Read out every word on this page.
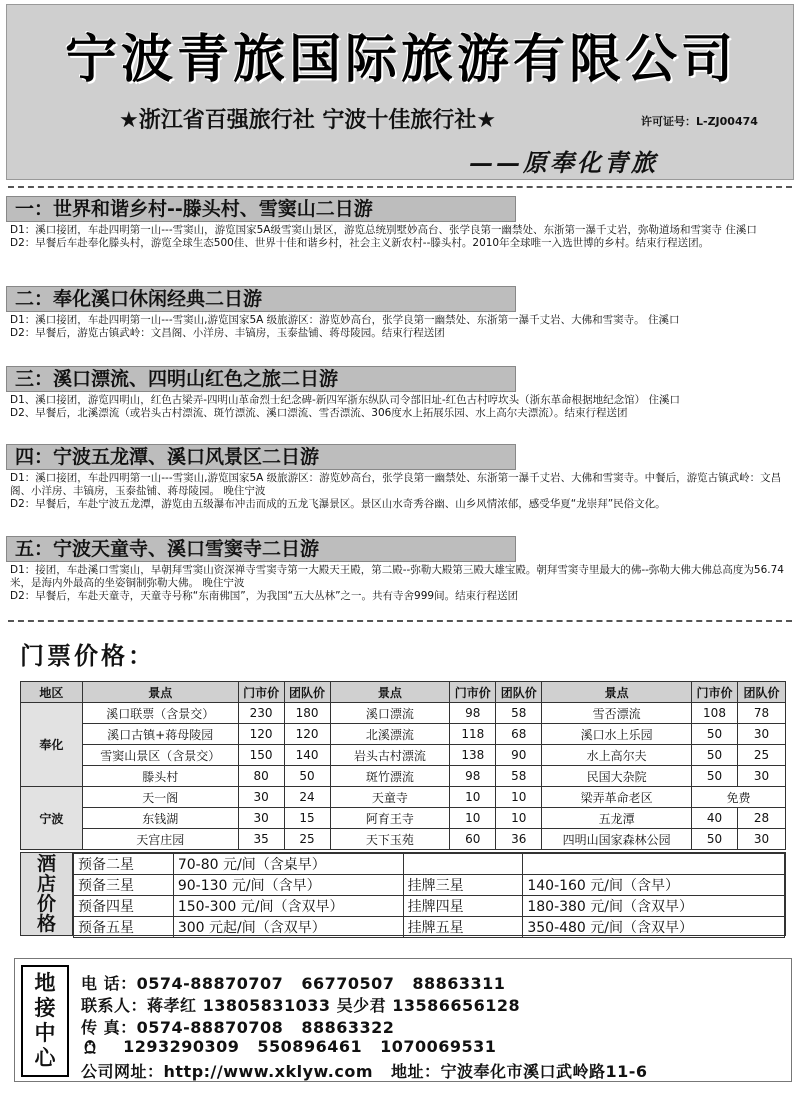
宁波青旅国际旅游有限公司
★浙江省百强旅行社 宁波十佳旅行社★	许可证号：L-ZJ00474
——原奉化青旅
一：世界和谐乡村--滕头村、雪窦山二日游

D1：溪口接团，车赴四明第一山---雪窦山，游览国家5A级雪窦山景区，游览总统别墅妙高台、张学良第一幽禁处、东浙第一瀑千丈岩，弥勒道场和雪窦寺 住溪口

D2：早餐后车赴奉化滕头村，游览全球生态500佳、世界十佳和谐乡村，社会主义新农村--滕头村。2010年全球唯一入选世博的乡村。结束行程送团。

二：奉化溪口休闲经典二日游

D1：溪口接团，车赴四明第一山---雪窦山,游览国家5A 级旅游区：游览妙高台，张学良第一幽禁处、东浙第一瀑千丈岩、大佛和雪窦寺。 住溪口

D2：早餐后，游览古镇武岭：文昌阁、小洋房、丰镐房，玉泰盐铺、蒋母陵园。结束行程送团

三：溪口漂流、四明山红色之旅二日游

D1、溪口接团，游览四明山，红色古梁弄-四明山革命烈士纪念碑-新四军浙东纵队司令部旧址-红色古村哼坎头（浙东革命根据地纪念馆） 住溪口

D2、早餐后，北溪漂流（或岩头古村漂流、斑竹漂流、溪口漂流、雪否漂流、306度水上拓展乐园、水上高尔夫漂流）。结束行程送团

四：宁波五龙潭、溪口风景区二日游

D1：溪口接团，车赴四明第一山---雪窦山,游览国家5A 级旅游区：游览妙高台，张学良第一幽禁处、东浙第一瀑千丈岩、大佛和雪窦寺。中餐后，游览古镇武岭：文昌阁、小洋房、丰镐房，玉泰盐铺、蒋母陵园。 晚住宁波

D2：早餐后，车赴宁波五龙潭，游览由五级瀑布冲击而成的五龙飞瀑景区。景区山水奇秀谷幽、山乡风情浓郁，感受华夏“龙崇拜”民俗文化。

五：宁波天童寺、溪口雪窦寺二日游

D1：接团，车赴溪口雪窦山，早朝拜雪窦山资深禅寺雪窦寺第一大殿天王殿，第二殿--弥勒大殿第三殿大雄宝殿。朝拜雪窦寺里最大的佛--弥勒大佛大佛总高度为56.74米，是海内外最高的坐姿铜制弥勒大佛。 晚住宁波

D2：早餐后，车赴天童寺，天童寺号称“东南佛国”，为我国“五大丛林”之一。共有寺舍999间。结束行程送团

门票价格：
地区	景点	门市价	团队价	景点	门市价	团队价	景点	门市价	团队价
奉化	溪口联票（含景交）	230	180	溪口漂流	98	58	雪否漂流	108	78
	溪口古镇+蒋母陵园	120	120	北溪漂流	118	68	溪口水上乐园	50	30
	雪窦山景区（含景交）	150	140	岩头古村漂流	138	90	水上高尔夫	50	25
	滕头村	80	50	斑竹漂流	98	58	民国大杂院	50	30
宁波	天一阁	30	24	天童寺	10	10	梁弄革命老区	免费	
	东钱湖	30	15	阿育王寺	10	10	五龙潭	40	28
	天宫庄园	35	25	天下玉苑	60	36	四明山国家森林公园	50	30
酒
店
价
格
预备二星	70-80 元/间（含桌早）		
预备三星	90-130 元/间（含早）	挂牌三星	140-160 元/间（含早）
预备四星	150-300 元/间（含双早）	挂牌四星	180-380 元/间（含双早）
预备五星	300 元起/间（含双早）	挂牌五星	350-480 元/间（含双早）
地
接
中
心
电 话：0574-88870707 66770507 88863311
联系人：蒋孝红 13805831033 吴少君 13586656128
传 真：0574-88870708 88863322
1293290309 550896461 1070069531
公司网址：http://www.xklyw.com 地址：宁波奉化市溪口武岭路11-6
